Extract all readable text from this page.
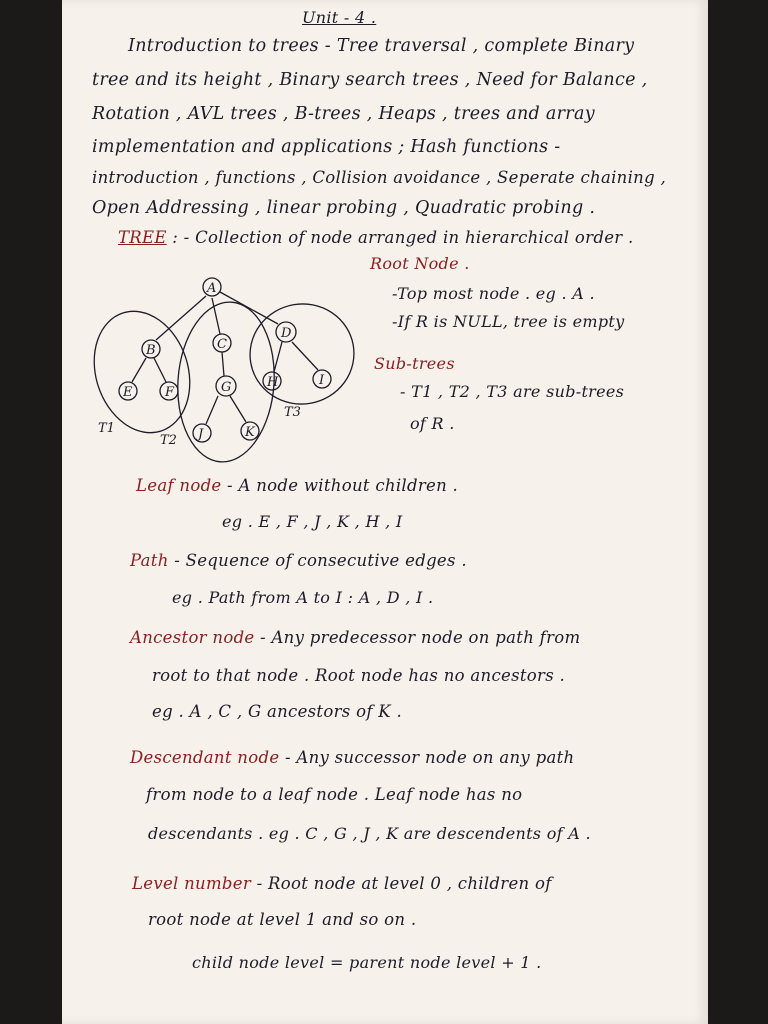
Unit - 4 .
Introduction to trees - Tree traversal , complete Binary
tree and its height , Binary search trees , Need for Balance ,
Rotation , AVL trees , B-trees , Heaps , trees and array
implementation and applications ; Hash functions -
introduction , functions , Collision avoidance , Seperate chaining ,
Open Addressing , linear probing , Quadratic probing .
TREE : - Collection of node arranged in hierarchical order .
Root Node .
-Top most node . eg . A .
-If R is NULL, tree is empty
Sub-trees
- T1 , T2 , T3 are sub-trees
of R .
A
B	C
D
E	F	G	H	I
J	K
T1
T2
T3
Leaf node - A node without children .
eg . E , F , J , K , H , I
Path - Sequence of consecutive edges .
eg . Path from A to I : A , D , I .
Ancestor node - Any predecessor node on path from
root to that node . Root node has no ancestors .
eg . A , C , G ancestors of K .
Descendant node - Any successor node on any path
from node to a leaf node . Leaf node has no
descendants . eg . C , G , J , K are descendents of A .
Level number - Root node at level 0 , children of
root node at level 1 and so on .
child node level = parent node level + 1 .
